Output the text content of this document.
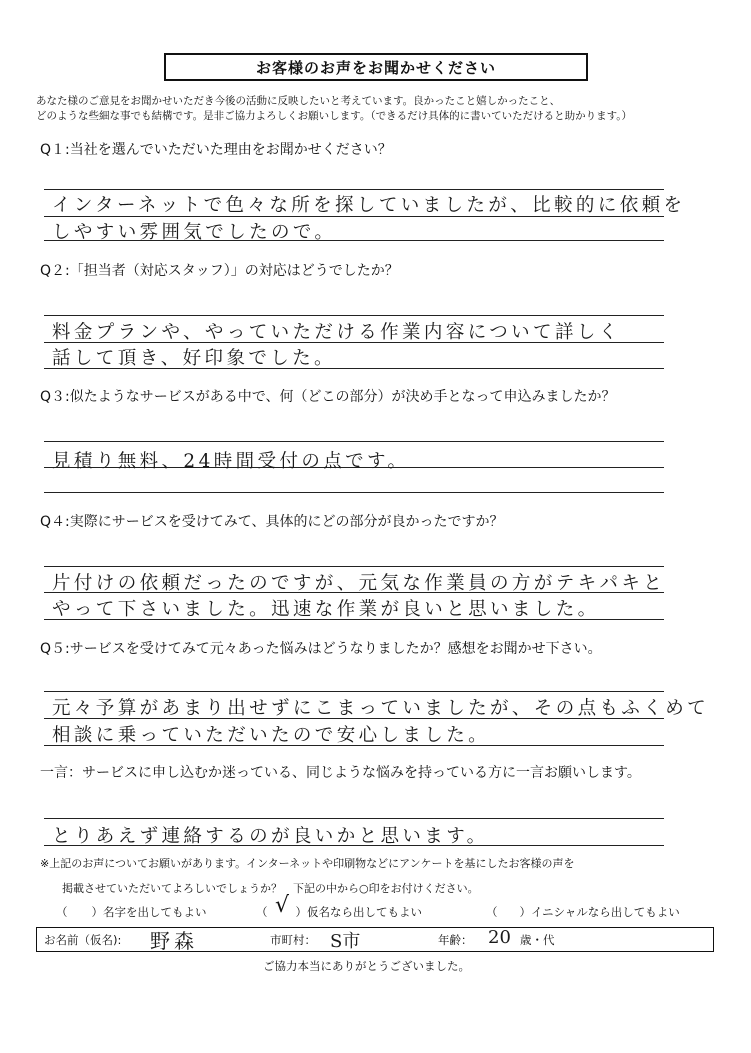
お客様のお声をお聞かせください
あなた様のご意見をお聞かせいただき今後の活動に反映したいと考えています。良かったこと嬉しかったこと、
どのような些細な事でも結構です。是非ご協力よろしくお願いします。（できるだけ具体的に書いていただけると助かります。）
Q１:当社を選んでいただいた理由をお聞かせください？
インターネットで色々な所を探していましたが、比較的に依頼を
しやすい雰囲気でしたので。
Q２:「担当者（対応スタッフ）」の対応はどうでしたか？
料金プランや、やっていただける作業内容について詳しく
話して頂き、好印象でした。
Q３:似たようなサービスがある中で、何（どこの部分）が決め手となって申込みましたか？
見積り無料、24時間受付の点です。
Q４:実際にサービスを受けてみて、具体的にどの部分が良かったですか？
片付けの依頼だったのですが、元気な作業員の方がテキパキと
やって下さいました。迅速な作業が良いと思いました。
Q５:サービスを受けてみて元々あった悩みはどうなりましたか？感想をお聞かせ下さい。
元々予算があまり出せずにこまっていましたが、その点もふくめて
相談に乗っていただいたので安心しました。
一言：サービスに申し込むか迷っている、同じような悩みを持っている方に一言お願いします。
とりあえず連絡するのが良いかと思います。
※上記のお声についてお願いがあります。インターネットや印刷物などにアンケートを基にしたお客様の声を
掲載させていただいてよろしいでしょうか？　下記の中から○印をお付けください。
（ ）名字を出してもよい	（ ）仮名なら出してもよい
√	（ ）イニシャルなら出してもよい
お名前（仮名): 野森	市町村： S市	年齢： 20 歳・代
ご協力本当にありがとうございました。
